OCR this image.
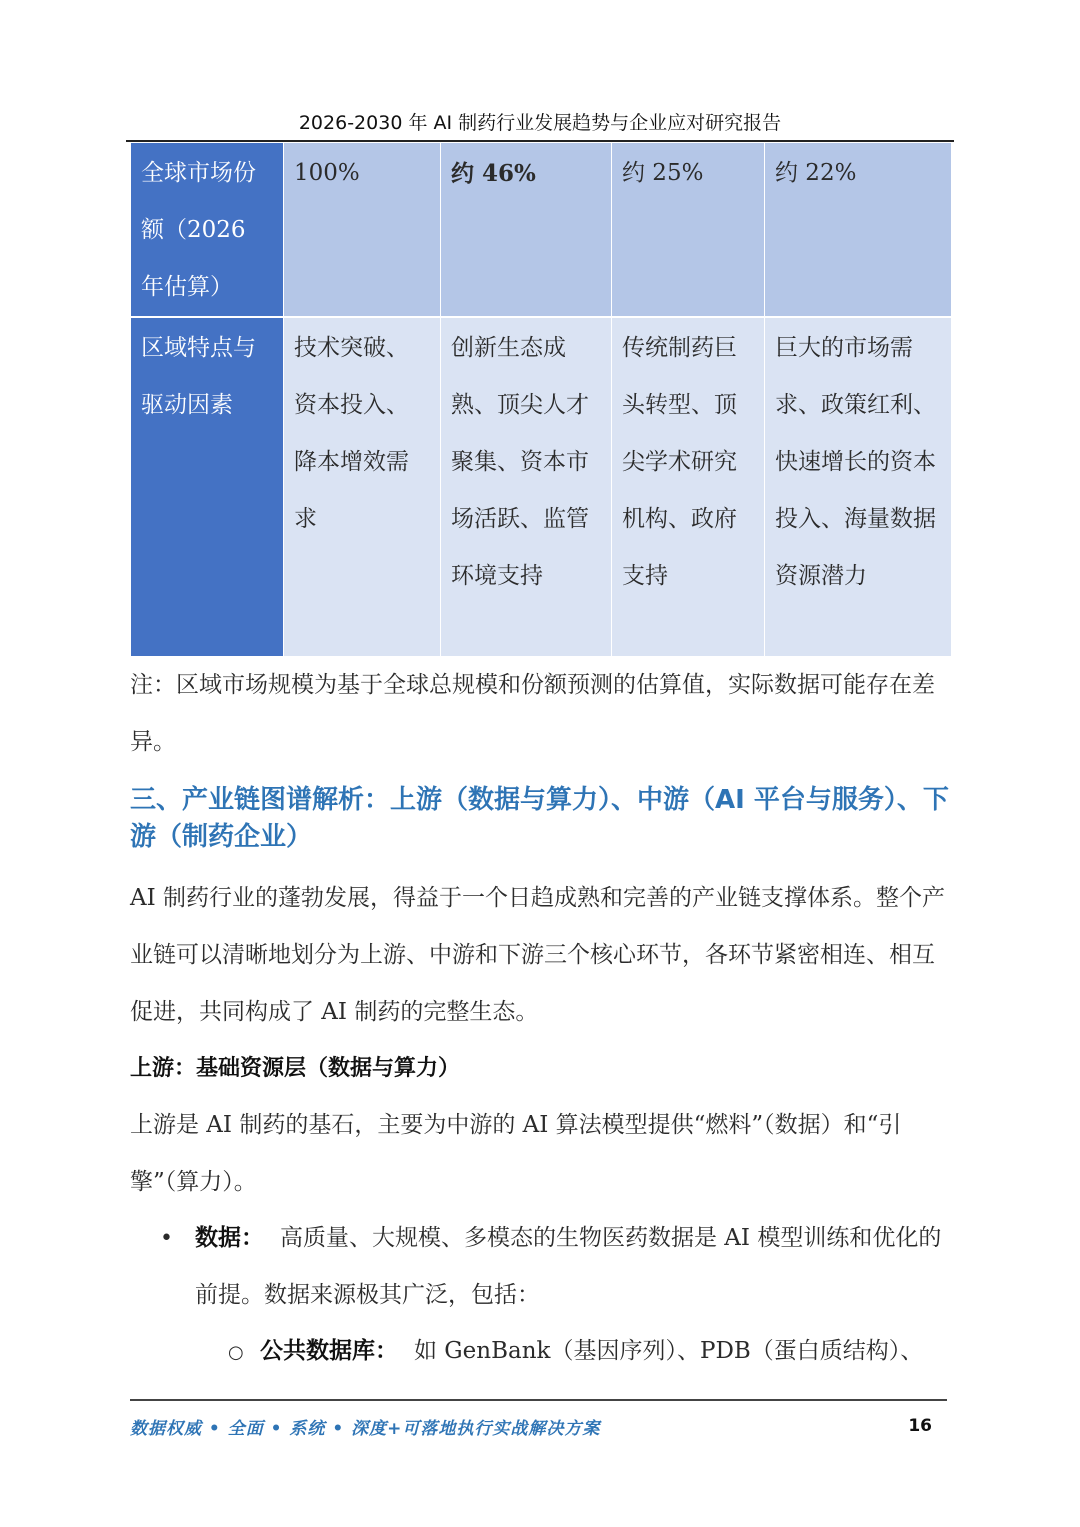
2026-2030 年 AI 制药行业发展趋势与企业应对研究报告
全球市场份额（2026 年估算）	100%	约 46%	约 25%	约 22%
区域特点与驱动因素	技术突破、资本投入、降本增效需求	创新生态成熟、顶尖人才聚集、资本市场活跃、监管环境支持	传统制药巨头转型、顶尖学术研究机构、政府支持	巨大的市场需求、政策红利、快速增长的资本投入、海量数据资源潜力
注：区域市场规模为基于全球总规模和份额预测的估算值，实际数据可能存在差异。
三、产业链图谱解析：上游（数据与算力）、中游（AI 平台与服务）、下游（制药企业）
AI 制药行业的蓬勃发展，得益于一个日趋成熟和完善的产业链支撑体系。整个产业链可以清晰地划分为上游、中游和下游三个核心环节，各环节紧密相连、相互促进，共同构成了 AI 制药的完整生态。
上游：基础资源层（数据与算力）
上游是 AI 制药的基石，主要为中游的 AI 算法模型提供“燃料”（数据）和“引擎”（算力）。
• 数据： 高质量、大规模、多模态的生物医药数据是 AI 模型训练和优化的前提。数据来源极其广泛，包括：
○ 公共数据库： 如 GenBank（基因序列）、PDB（蛋白质结构）、
数据权威 • 全面 • 系统 • 深度+可落地执行实战解决方案	16
